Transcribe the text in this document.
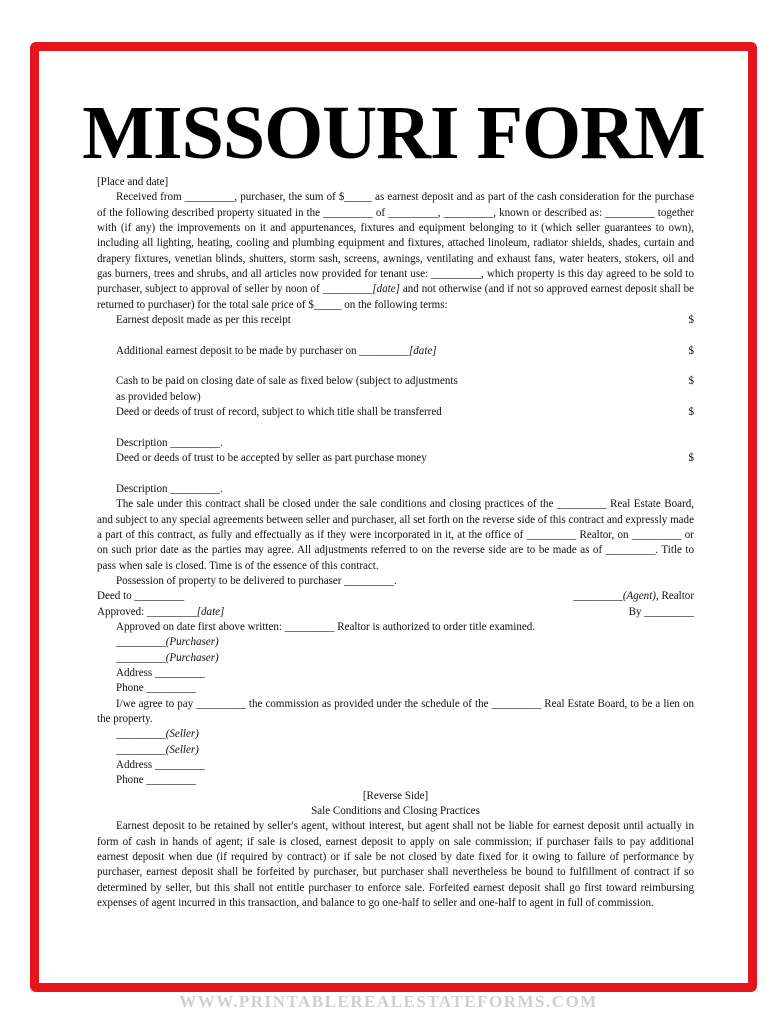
MISSOURI FORM

[Place and date]

Received from _________, purchaser, the sum of $_____ as earnest deposit and as part of the cash consideration for the purchase of the following described property situated in the _________ of _________, _________, known or described as: _________ together with (if any) the improvements on it and appurtenances, fixtures and equipment belonging to it (which seller guarantees to own), including all lighting, heating, cooling and plumbing equipment and fixtures, attached linoleum, radiator shields, shades, curtain and drapery fixtures, venetian blinds, shutters, storm sash, screens, awnings, ventilating and exhaust fans, water heaters, stokers, oil and gas burners, trees and shrubs, and all articles now provided for tenant use: _________, which property is this day agreed to be sold to purchaser, subject to approval of seller by noon of _________[date] and not otherwise (and if not so approved earnest deposit shall be returned to purchaser) for the total sale price of $_____ on the following terms:

Earnest deposit made as per this receipt	$
Additional earnest deposit to be made by purchaser on _________[date]	$
Cash to be paid on closing date of sale as fixed below (subject to adjustments	$

as provided below)

Deed or deeds of trust of record, subject to which title shall be transferred	$

Description _________.

Deed or deeds of trust to be accepted by seller as part purchase money	$

Description _________.

The sale under this contract shall be closed under the sale conditions and closing practices of the _________ Real Estate Board, and subject to any special agreements between seller and purchaser, all set forth on the reverse side of this contract and expressly made a part of this contract, as fully and effectually as if they were incorporated in it, at the office of _________ Realtor, on _________ or on such prior date as the parties may agree. All adjustments referred to on the reverse side are to be made as of _________. Title to pass when sale is closed. Time is of the essence of this contract.

Possession of property to be delivered to purchaser _________.

Deed to _________	_________(Agent), Realtor
Approved: _________[date]	By _________

Approved on date first above written: _________ Realtor is authorized to order title examined.

_________(Purchaser)

_________(Purchaser)

Address _________

Phone _________

I/we agree to pay _________ the commission as provided under the schedule of the _________ Real Estate Board, to be a lien on the property.

_________(Seller)

_________(Seller)

Address _________

Phone _________

[Reverse Side]

Sale Conditions and Closing Practices

Earnest deposit to be retained by seller's agent, without interest, but agent shall not be liable for earnest deposit until actually in form of cash in hands of agent; if sale is closed, earnest deposit to apply on sale commission; if purchaser fails to pay additional earnest deposit when due (if required by contract) or if sale be not closed by date fixed for it owing to failure of performance by purchaser, earnest deposit shall be forfeited by purchaser, but purchaser shall nevertheless be bound to fulfillment of contract if so determined by seller, but this shall not entitle purchaser to enforce sale. Forfeited earnest deposit shall go first toward reimbursing expenses of agent incurred in this transaction, and balance to go one-half to seller and one-half to agent in full of commission.

WWW.PRINTABLEREALESTATEFORMS.COM
